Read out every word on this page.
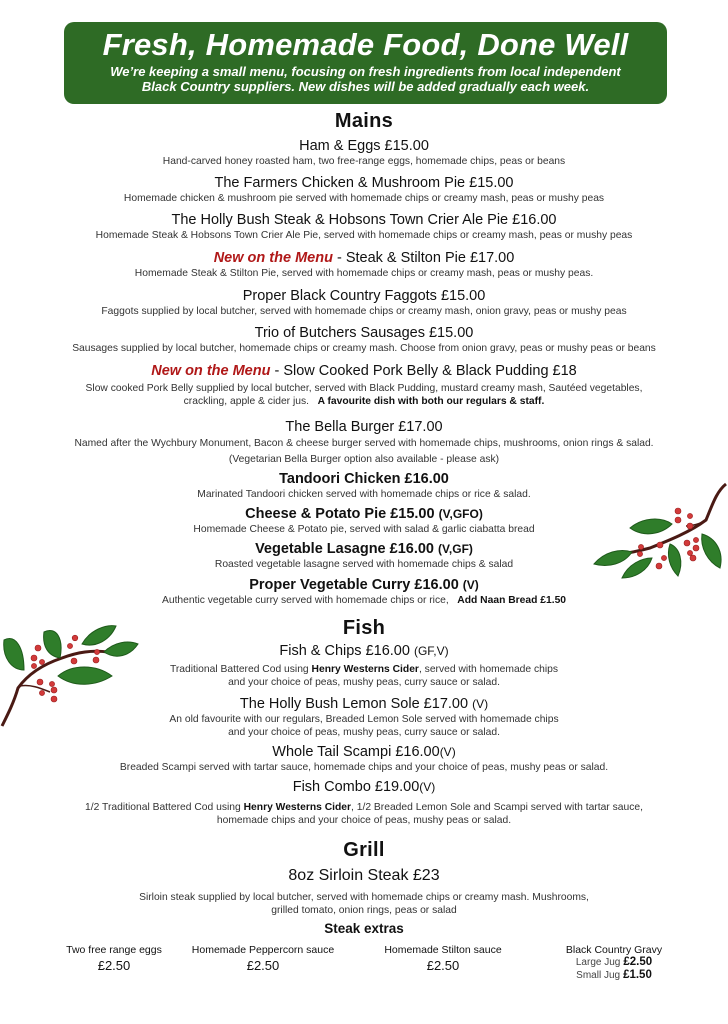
Fresh, Homemade Food, Done Well
We’re keeping a small menu, focusing on fresh ingredients from local independent
Black Country suppliers. New dishes will be added gradually each week.
Mains
Ham & Eggs £15.00
Hand-carved honey roasted ham, two free-range eggs, homemade chips, peas or beans
The Farmers Chicken & Mushroom Pie £15.00
Homemade chicken & mushroom pie served with homemade chips or creamy mash, peas or mushy peas
The Holly Bush Steak & Hobsons Town Crier Ale Pie £16.00
Homemade Steak & Hobsons Town Crier Ale Pie, served with homemade chips or creamy mash, peas or mushy peas
New on the Menu - Steak & Stilton Pie £17.00
Homemade Steak & Stilton Pie, served with homemade chips or creamy mash, peas or mushy peas.
Proper Black Country Faggots £15.00
Faggots supplied by local butcher, served with homemade chips or creamy mash, onion gravy, peas or mushy peas
Trio of Butchers Sausages £15.00
Sausages supplied by local butcher, homemade chips or creamy mash. Choose from onion gravy, peas or mushy peas or beans
New on the Menu - Slow Cooked Pork Belly & Black Pudding £18
Slow cooked Pork Belly supplied by local butcher, served with Black Pudding, mustard creamy mash, Sautéed vegetables,
crackling, apple & cider jus. A favourite dish with both our regulars & staff.
The Bella Burger £17.00
Named after the Wychbury Monument, Bacon & cheese burger served with homemade chips, mushrooms, onion rings & salad.
(Vegetarian Bella Burger option also available - please ask)
Tandoori Chicken £16.00
Marinated Tandoori chicken served with homemade chips or rice & salad.
Cheese & Potato Pie £15.00 (V,GFO)
Homemade Cheese & Potato pie, served with salad & garlic ciabatta bread
Vegetable Lasagne £16.00 (V,GF)
Roasted vegetable lasagne served with homemade chips & salad
Proper Vegetable Curry £16.00 (V)
Authentic vegetable curry served with homemade chips or rice, Add Naan Bread £1.50
Fish
Fish & Chips £16.00 (GF,V)
Traditional Battered Cod using Henry Westerns Cider, served with homemade chips
and your choice of peas, mushy peas, curry sauce or salad.
The Holly Bush Lemon Sole £17.00 (V)
An old favourite with our regulars, Breaded Lemon Sole served with homemade chips
and your choice of peas, mushy peas, curry sauce or salad.
Whole Tail Scampi £16.00(V)
Breaded Scampi served with tartar sauce, homemade chips and your choice of peas, mushy peas or salad.
Fish Combo £19.00(V)
1/2 Traditional Battered Cod using Henry Westerns Cider, 1/2 Breaded Lemon Sole and Scampi served with tartar sauce,
homemade chips and your choice of peas, mushy peas or salad.
Grill
8oz Sirloin Steak £23
Sirloin steak supplied by local butcher, served with homemade chips or creamy mash. Mushrooms,
grilled tomato, onion rings, peas or salad
Steak extras
Two free range eggs
£2.50
Homemade Peppercorn sauce
£2.50
Homemade Stilton sauce
£2.50
Black Country Gravy
Large Jug £2.50
Small Jug £1.50
